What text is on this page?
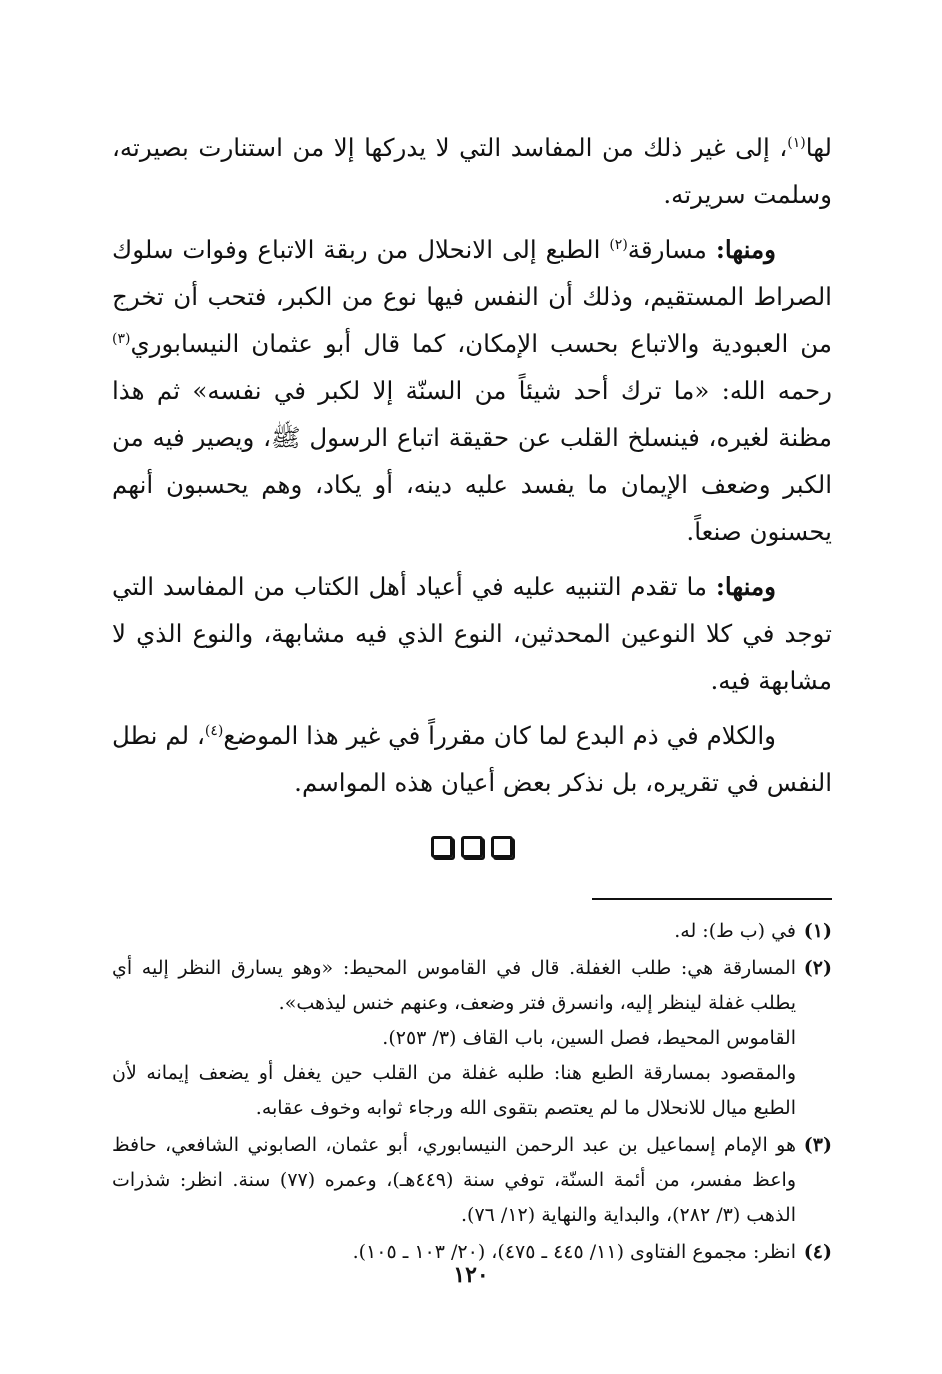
لها$^{(١)}$، إلى غير ذلك من المفاسد التي لا يدركها إلا من استنارت بصيرته، وسلمت سريرته.

ومنها: مسارقة$^{(٢)}$ الطبع إلى الانحلال من ربقة الاتباع وفوات سلوك الصراط المستقيم، وذلك أن النفس فيها نوع من الكبر، فتحب أن تخرج من العبودية والاتباع بحسب الإمكان، كما قال أبو عثمان النيسابوري$^{(٣)}$ رحمه الله: «ما ترك أحد شيئاً من السنّة إلا لكبر في نفسه» ثم هذا مظنة لغيره، فينسلخ القلب عن حقيقة اتباع الرسول ﷺ، ويصير فيه من الكبر وضعف الإيمان ما يفسد عليه دينه، أو يكاد، وهم يحسبون أنهم يحسنون صنعاً.

ومنها: ما تقدم التنبيه عليه في أعياد أهل الكتاب من المفاسد التي توجد في كلا النوعين المحدثين، النوع الذي فيه مشابهة، والنوع الذي لا مشابهة فيه.

والكلام في ذم البدع لما كان مقرراً في غير هذا الموضع$^{(٤)}$، لم نطل النفس في تقريره، بل نذكر بعض أعيان هذه المواسم.

(١)
في (ب ط): له.
(٢)
المسارقة هي: طلب الغفلة. قال في القاموس المحيط: «وهو يسارق النظر إليه أي يطلب غفلة لينظر إليه، وانسرق فتر وضعف، وعنهم خنس ليذهب».
القاموس المحيط، فصل السين، باب القاف (٣/ ٢٥٣).
والمقصود بمسارقة الطبع هنا: طلبه غفلة من القلب حين يغفل أو يضعف إيمانه لأن الطبع ميال للانحلال ما لم يعتصم بتقوى الله ورجاء ثوابه وخوف عقابه.
(٣)
هو الإمام إسماعيل بن عبد الرحمن النيسابوري، أبو عثمان، الصابوني الشافعي، حافظ واعظ مفسر، من أئمة السنّة، توفي سنة (٤٤٩هـ)، وعمره (٧٧) سنة. انظر: شذرات الذهب (٣/ ٢٨٢)، والبداية والنهاية (١٢/ ٧٦).
(٤)
انظر: مجموع الفتاوى (١١/ ٤٤٥ ـ ٤٧٥)، (٢٠/ ١٠٣ ـ ١٠٥).
١٢٠
